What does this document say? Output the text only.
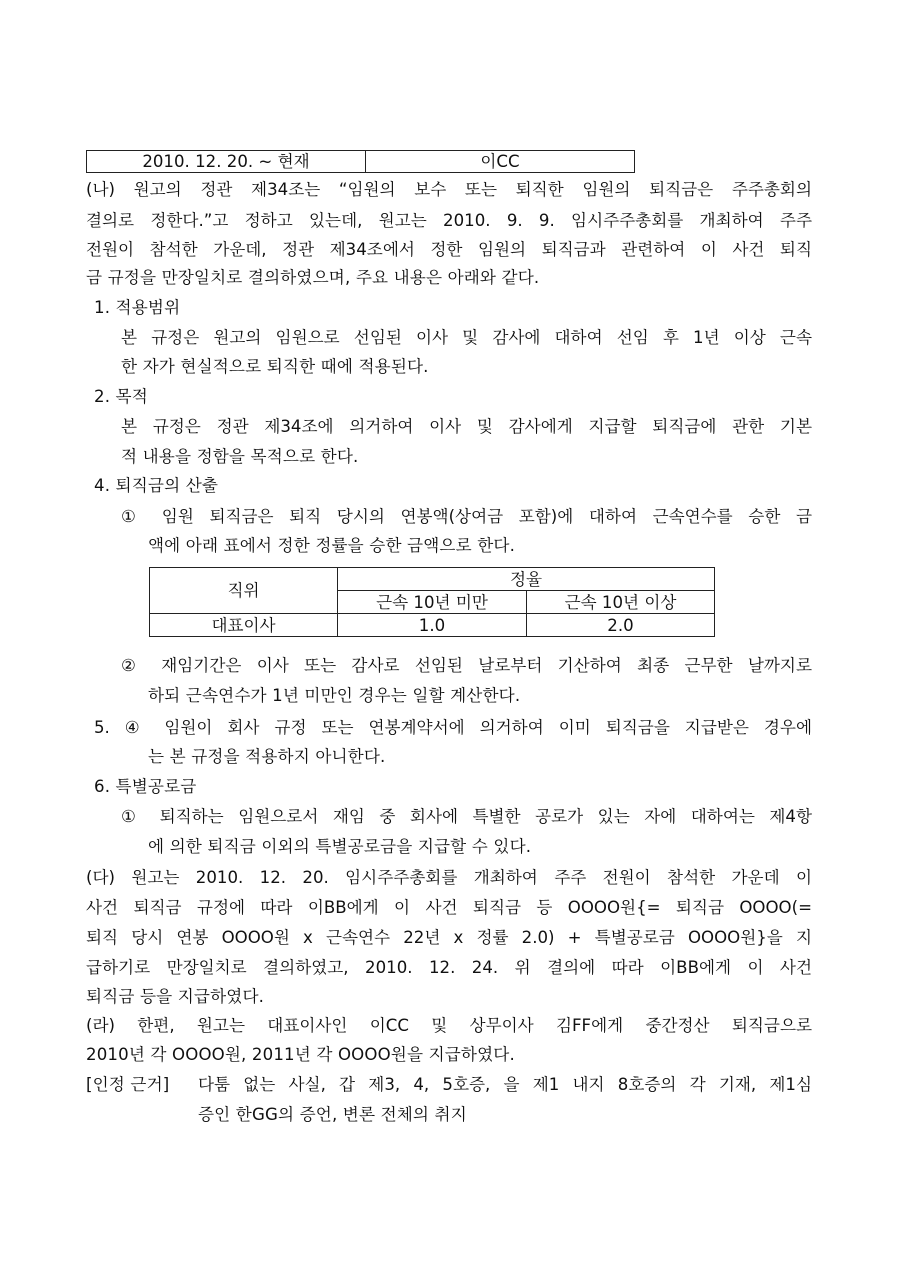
2010. 12. 20. ~ 현재	이CC
(나) 원고의 정관 제34조는 “임원의 보수 또는 퇴직한 임원의 퇴직금은 주주총회의
결의로 정한다.”고 정하고 있는데, 원고는 2010. 9. 9. 임시주주총회를 개최하여 주주
전원이 참석한 가운데, 정관 제34조에서 정한 임원의 퇴직금과 관련하여 이 사건 퇴직
금 규정을 만장일치로 결의하였으며, 주요 내용은 아래와 같다.
1. 적용범위
본 규정은 원고의 임원으로 선임된 이사 및 감사에 대하여 선임 후 1년 이상 근속
한 자가 현실적으로 퇴직한 때에 적용된다.
2. 목적
본 규정은 정관 제34조에 의거하여 이사 및 감사에게 지급할 퇴직금에 관한 기본
적 내용을 정함을 목적으로 한다.
4. 퇴직금의 산출
① 임원 퇴직금은 퇴직 당시의 연봉액(상여금 포함)에 대하여 근속연수를 승한 금
액에 아래 표에서 정한 정률을 승한 금액으로 한다.
직위	정율	
	근속 10년 미만	근속 10년 이상
대표이사	1.0	2.0
② 재임기간은 이사 또는 감사로 선임된 날로부터 기산하여 최종 근무한 날까지로
하되 근속연수가 1년 미만인 경우는 일할 계산한다.
5. ④ 임원이 회사 규정 또는 연봉계약서에 의거하여 이미 퇴직금을 지급받은 경우에
는 본 규정을 적용하지 아니한다.
6. 특별공로금
① 퇴직하는 임원으로서 재임 중 회사에 특별한 공로가 있는 자에 대하여는 제4항
에 의한 퇴직금 이외의 특별공로금을 지급할 수 있다.
(다) 원고는 2010. 12. 20. 임시주주총회를 개최하여 주주 전원이 참석한 가운데 이
사건 퇴직금 규정에 따라 이BB에게 이 사건 퇴직금 등 OOOO원{= 퇴직금 OOOO(=
퇴직 당시 연봉 OOOO원 x 근속연수 22년 x 정률 2.0) + 특별공로금 OOOO원}을 지
급하기로 만장일치로 결의하였고, 2010. 12. 24. 위 결의에 따라 이BB에게 이 사건
퇴직금 등을 지급하였다.
(라) 한편, 원고는 대표이사인 이CC 및 상무이사 김FF에게 중간정산 퇴직금으로
2010년 각 OOOO원, 2011년 각 OOOO원을 지급하였다.
[인정 근거] 다툼 없는 사실, 갑 제3, 4, 5호증, 을 제1 내지 8호증의 각 기재, 제1심
증인 한GG의 증언, 변론 전체의 취지
